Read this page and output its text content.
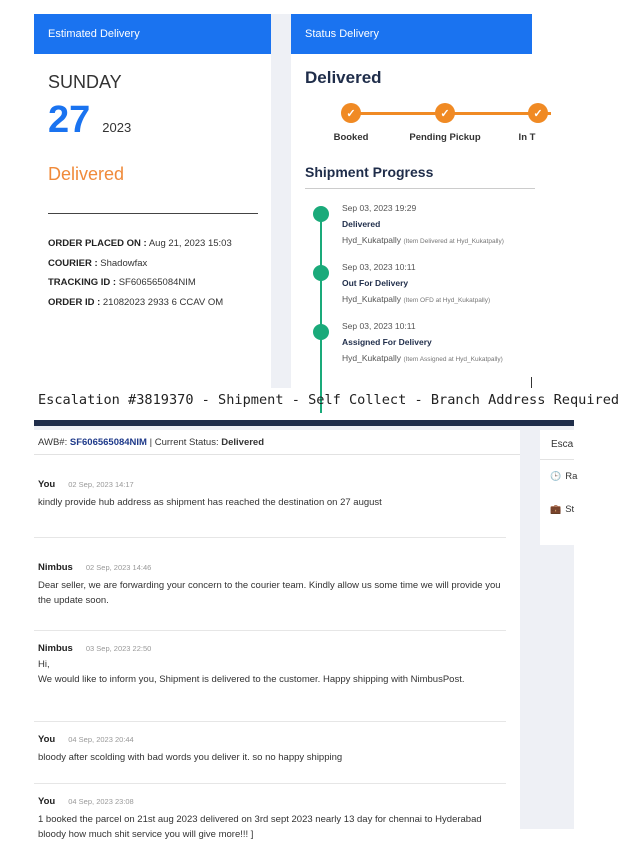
Estimated Delivery
SUNDAY
27 2023
Delivered
ORDER PLACED ON : Aug 21, 2023 15:03
COURIER : Shadowfax
TRACKING ID : SF606565084NIM
ORDER ID : 21082023 2933 6 CCAV OM
Status Delivery
Delivered
✓	✓	✓
Booked	Pending Pickup	In T
Shipment Progress
Sep 03, 2023 19:29
Delivered
Hyd_Kukatpally (Item Delivered at Hyd_Kukatpally)
Sep 03, 2023 10:11
Out For Delivery
Hyd_Kukatpally (Item OFD at Hyd_Kukatpally)
Sep 03, 2023 10:11
Assigned For Delivery
Hyd_Kukatpally (Item Assigned at Hyd_Kukatpally)
Escalation #3819370 - Shipment - Self Collect - Branch Address Required
AWB#: SF606565084NIM | Current Status: Delivered
You 02 Sep, 2023 14:17
kindly provide hub address as shipment has reached the destination on 27 august
Nimbus 02 Sep, 2023 14:46
Dear seller, we are forwarding your concern to the courier team. Kindly allow us some time we will provide you the update soon.
Nimbus 03 Sep, 2023 22:50
Hi,
We would like to inform you, Shipment is delivered to the customer. Happy shipping with NimbusPost.
You 04 Sep, 2023 20:44
bloody after scolding with bad words you deliver it. so no happy shipping
You 04 Sep, 2023 23:08
1 booked the parcel on 21st aug 2023 delivered on 3rd sept 2023 nearly 13 day for chennai to Hyderabad bloody how much shit service you will give more!!! ]
Esca
🕒 Ra
💼 St
